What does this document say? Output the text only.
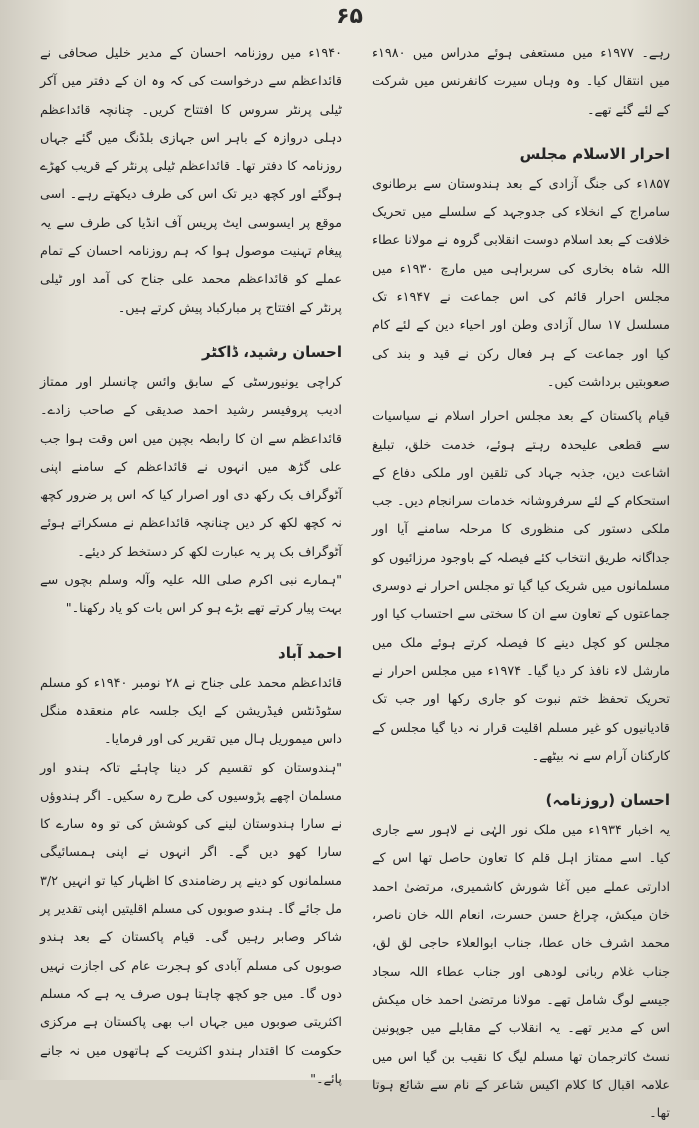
۶۵

رہے۔ ۱۹۷۷ء میں مستعفی ہوئے مدراس میں ۱۹۸۰ء میں انتقال کیا۔ وہ وہاں سیرت کانفرنس میں شرکت کے لئے گئے تھے۔

احرار الاسلام مجلس

۱۸۵۷ء کی جنگ آزادی کے بعد ہندوستان سے برطانوی سامراج کے انخلاء کی جدوجہد کے سلسلے میں تحریک خلافت کے بعد اسلام دوست انقلابی گروہ نے مولانا عطاء اللہ شاہ بخاری کی سربراہی میں مارچ ۱۹۳۰ء میں مجلس احرار قائم کی اس جماعت نے ۱۹۴۷ء تک مسلسل ۱۷ سال آزادی وطن اور احیاء دین کے لئے کام کیا اور جماعت کے ہر فعال رکن نے قید و بند کی صعوبتیں برداشت کیں۔

قیام پاکستان کے بعد مجلس احرار اسلام نے سیاسیات سے قطعی علیحدہ رہتے ہوئے، خدمت خلق، تبلیغ اشاعت دین، جذبہ جہاد کی تلقین اور ملکی دفاع کے استحکام کے لئے سرفروشانہ خدمات سرانجام دیں۔ جب ملکی دستور کی منظوری کا مرحلہ سامنے آیا اور جداگانہ طریق انتخاب کئے فیصلہ کے باوجود مرزائیوں کو مسلمانوں میں شریک کیا گیا تو مجلس احرار نے دوسری جماعتوں کے تعاون سے ان کا سختی سے احتساب کیا اور مجلس کو کچل دینے کا فیصلہ کرتے ہوئے ملک میں مارشل لاء نافذ کر دیا گیا۔ ۱۹۷۴ء میں مجلس احرار نے تحریک تحفظ ختم نبوت کو جاری رکھا اور جب تک قادیانیوں کو غیر مسلم اقلیت قرار نہ دیا گیا مجلس کے کارکنان آرام سے نہ بیٹھے۔

احسان (روزنامہ)

یہ اخبار ۱۹۳۴ء میں ملک نور الہٰی نے لاہور سے جاری کیا۔ اسے ممتاز اہل قلم کا تعاون حاصل تھا اس کے ادارتی عملے میں آغا شورش کاشمیری، مرتضیٰ احمد خان میکش، چراغ حسن حسرت، انعام اللہ خان ناصر، محمد اشرف خاں عطا، جناب ابوالعلاء حاجی لق لق، جناب غلام ربانی لودھی اور جناب عطاء اللہ سجاد جیسے لوگ شامل تھے۔ مولانا مرتضیٰ احمد خاں میکش اس کے مدیر تھے۔ یہ انقلاب کے مقابلے میں جوپونین نسٹ کاترجمان تھا مسلم لیگ کا نقیب بن گیا اس میں علامہ اقبال کا کلام اکیس شاعر کے نام سے شائع ہوتا تھا۔

۱۹۴۰ء میں روزنامہ احسان کے مدیر خلیل صحافی نے قائداعظم سے درخواست کی کہ وہ ان کے دفتر میں آکر ٹیلی پرنٹر سروس کا افتتاح کریں۔ چنانچہ قائداعظم دہلی دروازہ کے باہر اس جہازی بلڈنگ میں گئے جہاں روزنامہ کا دفتر تھا۔ قائداعظم ٹیلی پرنٹر کے قریب کھڑے ہوگئے اور کچھ دیر تک اس کی طرف دیکھتے رہے۔ اسی موقع پر ایسوسی ایٹ پریس آف انڈیا کی طرف سے یہ پیغام تہنیت موصول ہوا کہ ہم روزنامہ احسان کے تمام عملے کو قائداعظم محمد علی جناح کی آمد اور ٹیلی پرنٹر کے افتتاح پر مبارکباد پیش کرتے ہیں۔

احسان رشید، ڈاکٹر

کراچی یونیورسٹی کے سابق وائس چانسلر اور ممتاز ادیب پروفیسر رشید احمد صدیقی کے صاحب زادے۔ قائداعظم سے ان کا رابطہ بچپن میں اس وقت ہوا جب علی گڑھ میں انہوں نے قائداعظم کے سامنے اپنی آٹوگراف بک رکھ دی اور اصرار کیا کہ اس پر ضرور کچھ نہ کچھ لکھ کر دیں چنانچہ قائداعظم نے مسکراتے ہوئے آٹوگراف بک پر یہ عبارت لکھ کر دستخط کر دیئے۔

"ہمارے نبی اکرم صلی اللہ علیہ وآلہ وسلم بچوں سے بہت پیار کرتے تھے بڑے ہو کر اس بات کو یاد رکھنا۔"

احمد آباد

قائداعظم محمد علی جناح نے ۲۸ نومبر ۱۹۴۰ء کو مسلم سٹوڈنٹس فیڈریشن کے ایک جلسہ عام منعقدہ منگل داس میموریل ہال میں تقریر کی اور فرمایا۔

"ہندوستان کو تقسیم کر دینا چاہئے تاکہ ہندو اور مسلمان اچھے پڑوسیوں کی طرح رہ سکیں۔ اگر ہندوؤں نے سارا ہندوستان لینے کی کوشش کی تو وہ سارے کا سارا کھو دیں گے۔ اگر انہوں نے اپنی ہمسائیگی مسلمانوں کو دینے پر رضامندی کا اظہار کیا تو انہیں ۳/۲ مل جائے گا۔ ہندو صوبوں کی مسلم اقلیتیں اپنی تقدیر پر شاکر وصابر رہیں گی۔ قیام پاکستان کے بعد ہندو صوبوں کی مسلم آبادی کو ہجرت عام کی اجازت نہیں دوں گا۔ میں جو کچھ چاہتا ہوں صرف یہ ہے کہ مسلم اکثریتی صوبوں میں جہاں اب بھی پاکستان ہے مرکزی حکومت کا اقتدار ہندو اکثریت کے ہاتھوں میں نہ جانے پائے۔"
